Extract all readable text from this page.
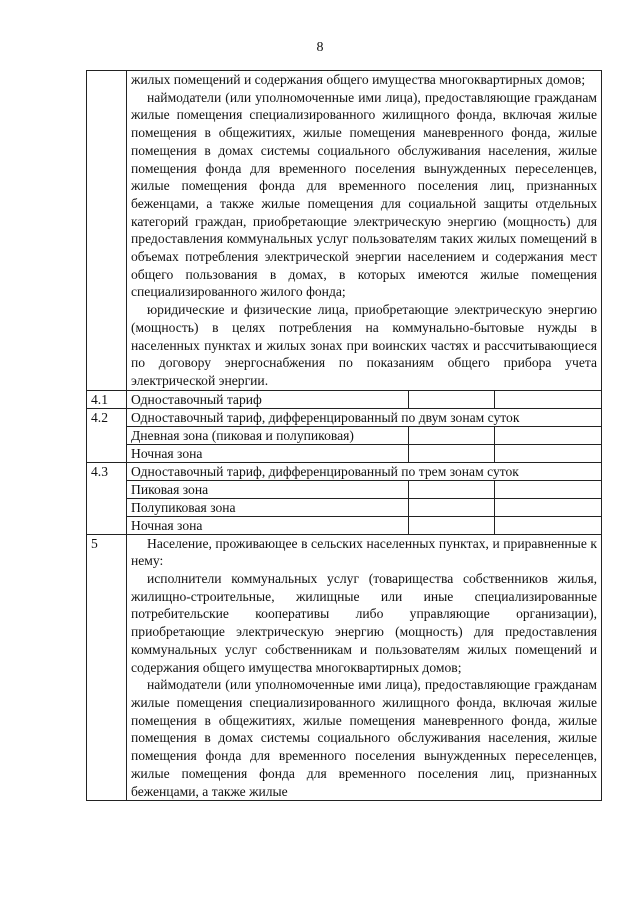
8

	жилых помещений и содержания общего имущества многоквартирных домов;
наймодатели (или уполномоченные ими лица), предоставляющие гражданам жилые помещения специализированного жилищного фонда, включая жилые помещения в общежитиях, жилые помещения маневренного фонда, жилые помещения в домах системы социального обслуживания населения, жилые помещения фонда для временного поселения вынужденных переселенцев, жилые помещения фонда для временного поселения лиц, признанных беженцами, а также жилые помещения для социальной защиты отдельных категорий граждан, приобретающие электрическую энергию (мощность) для предоставления коммунальных услуг пользователям таких жилых помещений в объемах потребления электрической энергии населением и содержания мест общего пользования в домах, в которых имеются жилые помещения специализированного жилого фонда;
юридические и физические лица, приобретающие электрическую энергию (мощность) в целях потребления на коммунально-бытовые нужды в населенных пунктах и жилых зонах при воинских частях и рассчитывающиеся по договору энергоснабжения по показаниям общего прибора учета электрической энергии.		

4.1	Одноставочный тариф		
4.2	Одноставочный тариф, дифференцированный по двум зонам суток		
	Дневная зона (пиковая и полупиковая)		
	Ночная зона		
4.3	Одноставочный тариф, дифференцированный по трем зонам суток		
	Пиковая зона		
	Полупиковая зона		
	Ночная зона		
5	Население, проживающее в сельских населенных пунктах, и приравненные к нему:
исполнители коммунальных услуг (товарищества собственников жилья, жилищно-строительные, жилищные или иные специализированные потребительские кооперативы либо управляющие организации), приобретающие электрическую энергию (мощность) для предоставления коммунальных услуг собственникам и пользователям жилых помещений и содержания общего имущества многоквартирных домов;
наймодатели (или уполномоченные ими лица), предоставляющие гражданам жилые помещения специализированного жилищного фонда, включая жилые помещения в общежитиях, жилые помещения маневренного фонда, жилые помещения в домах системы социального обслуживания населения, жилые помещения фонда для временного поселения вынужденных переселенцев, жилые помещения фонда для временного поселения лиц, признанных беженцами, а также жилые		
